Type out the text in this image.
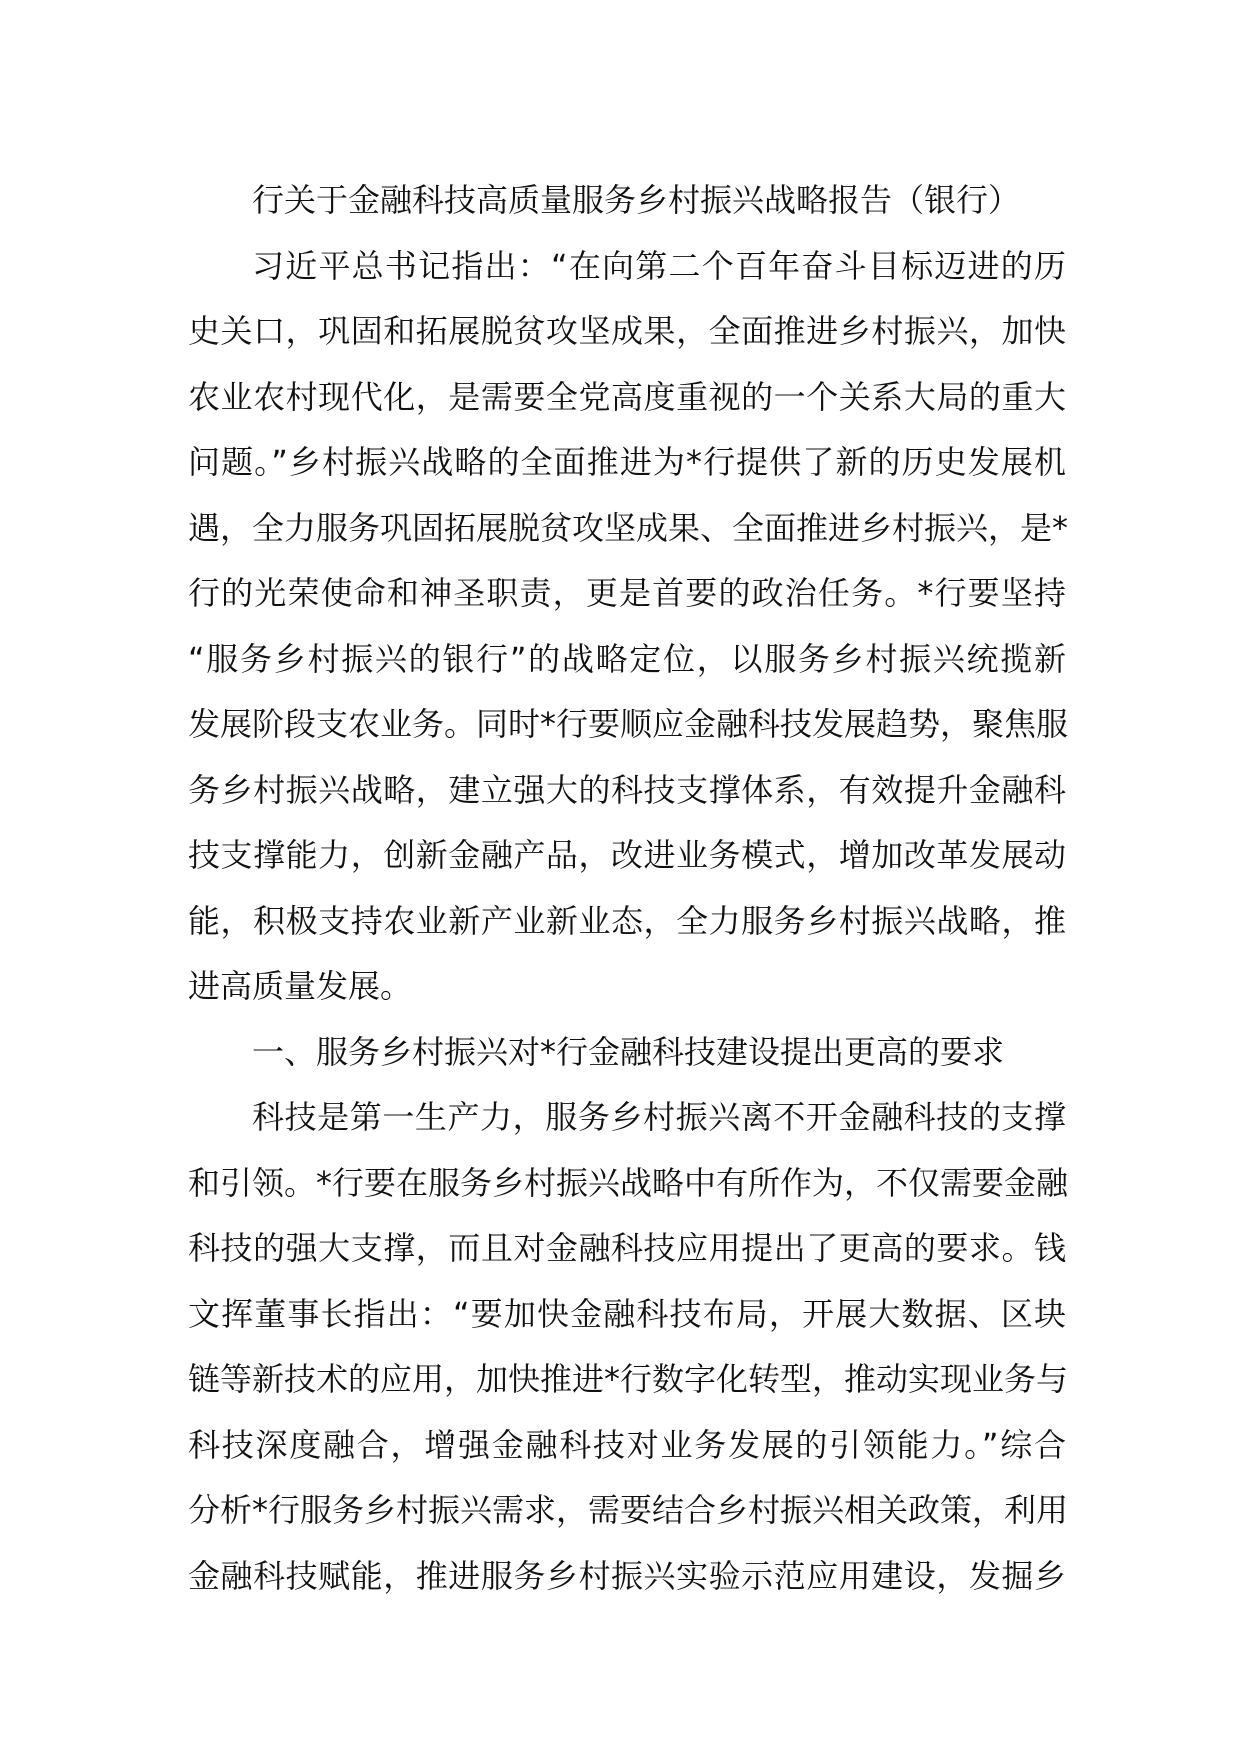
行关于金融科技高质量服务乡村振兴战略报告（银行）
习近平总书记指出：“在向第二个百年奋斗目标迈进的历
史关口，巩固和拓展脱贫攻坚成果，全面推进乡村振兴，加快
农业农村现代化，是需要全党高度重视的一个关系大局的重大
问题。”乡村振兴战略的全面推进为*行提供了新的历史发展机
遇，全力服务巩固拓展脱贫攻坚成果、全面推进乡村振兴，是*
行的光荣使命和神圣职责，更是首要的政治任务。*行要坚持
“服务乡村振兴的银行”的战略定位，以服务乡村振兴统揽新
发展阶段支农业务。同时*行要顺应金融科技发展趋势，聚焦服
务乡村振兴战略，建立强大的科技支撑体系，有效提升金融科
技支撑能力，创新金融产品，改进业务模式，增加改革发展动
能，积极支持农业新产业新业态，全力服务乡村振兴战略，推
进高质量发展。
一、服务乡村振兴对*行金融科技建设提出更高的要求
科技是第一生产力，服务乡村振兴离不开金融科技的支撑
和引领。*行要在服务乡村振兴战略中有所作为，不仅需要金融
科技的强大支撑，而且对金融科技应用提出了更高的要求。钱
文挥董事长指出：“要加快金融科技布局，开展大数据、区块
链等新技术的应用，加快推进*行数字化转型，推动实现业务与
科技深度融合，增强金融科技对业务发展的引领能力。”综合
分析*行服务乡村振兴需求，需要结合乡村振兴相关政策，利用
金融科技赋能，推进服务乡村振兴实验示范应用建设，发掘乡
